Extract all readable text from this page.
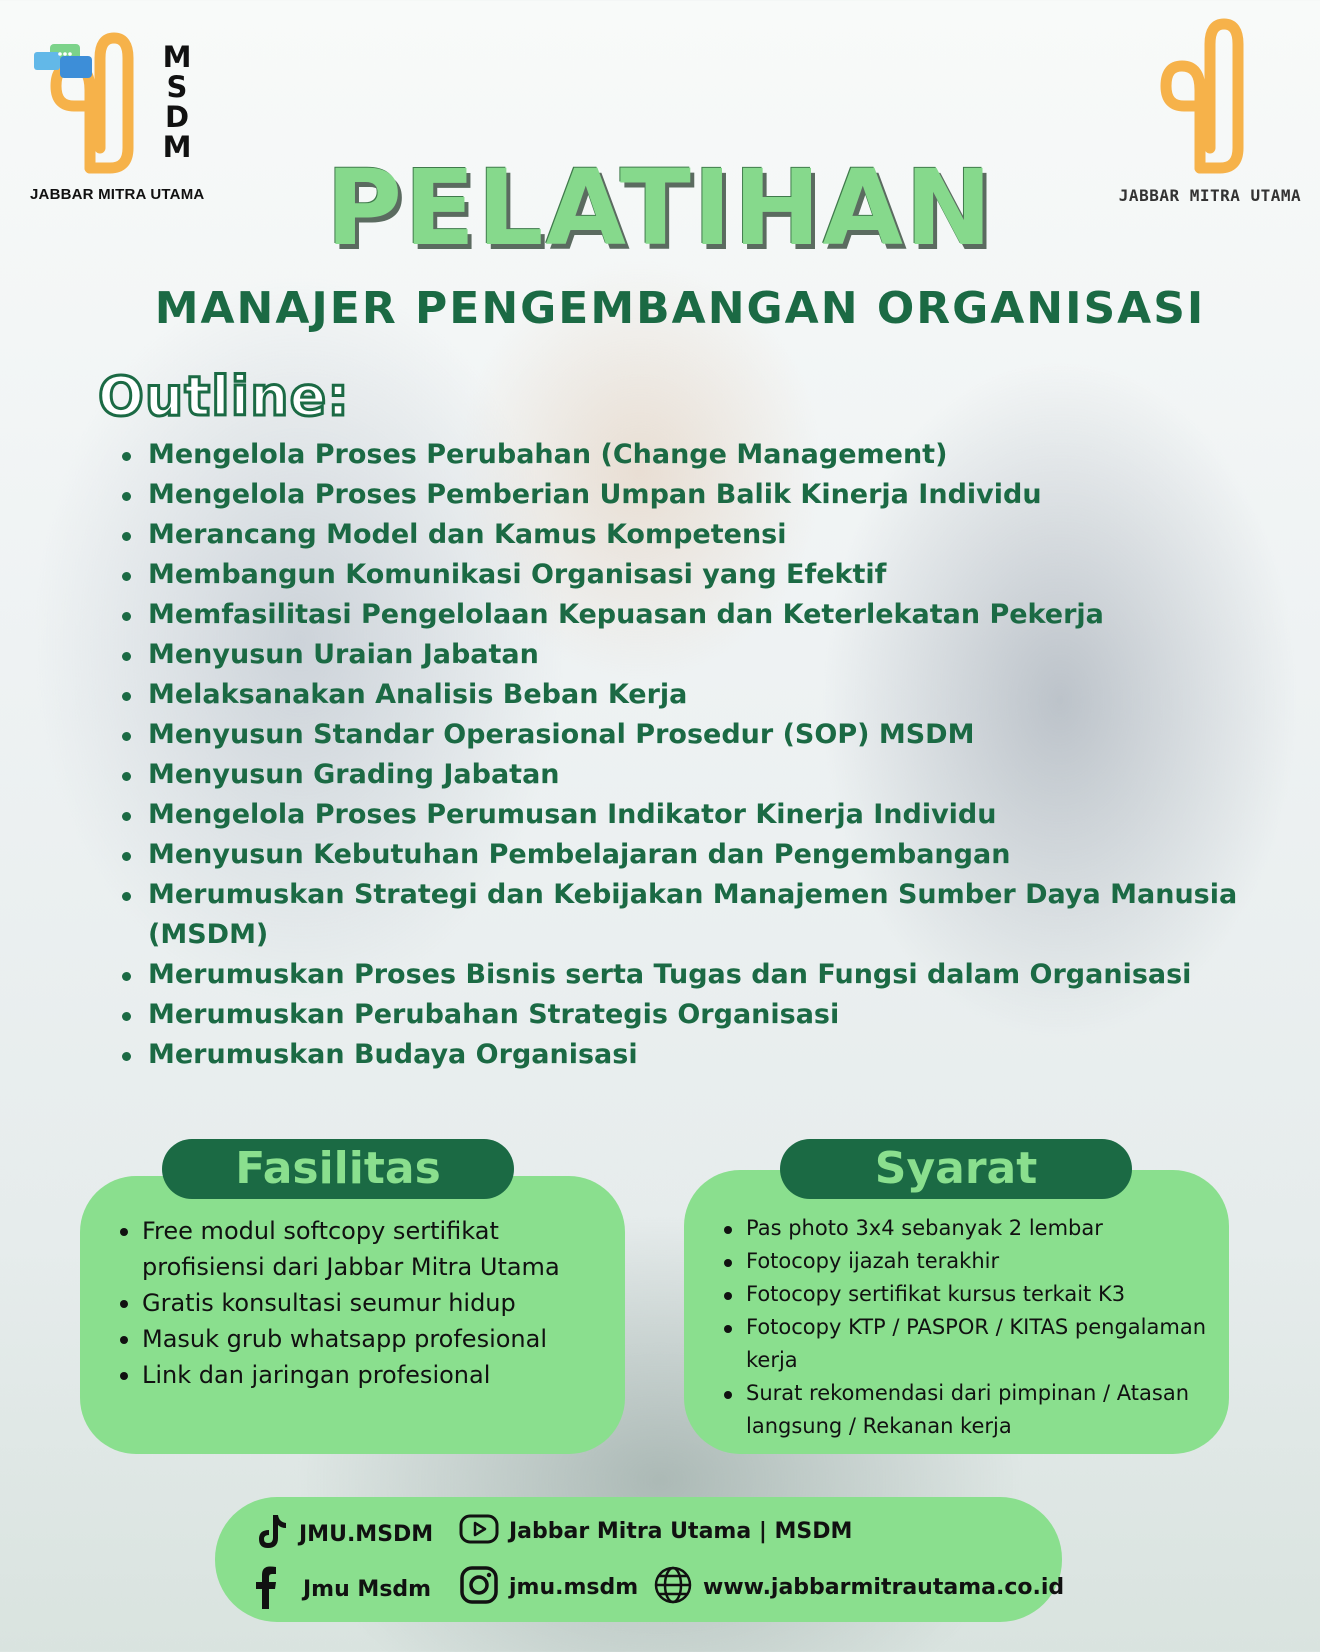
M
S
D
M
JABBAR MITRA UTAMA	JABBAR MITRA UTAMA
PELATIHAN
MANAJER PENGEMBANGAN ORGANISASI
Outline:
Mengelola Proses Perubahan (Change Management)
Mengelola Proses Pemberian Umpan Balik Kinerja Individu
Merancang Model dan Kamus Kompetensi
Membangun Komunikasi Organisasi yang Efektif
Memfasilitasi Pengelolaan Kepuasan dan Keterlekatan Pekerja
Menyusun Uraian Jabatan
Melaksanakan Analisis Beban Kerja
Menyusun Standar Operasional Prosedur (SOP) MSDM
Menyusun Grading Jabatan
Mengelola Proses Perumusan Indikator Kinerja Individu
Menyusun Kebutuhan Pembelajaran dan Pengembangan
Merumuskan Strategi dan Kebijakan Manajemen Sumber Daya Manusia (MSDM)
Merumuskan Proses Bisnis serta Tugas dan Fungsi dalam Organisasi
Merumuskan Perubahan Strategis Organisasi
Merumuskan Budaya Organisasi
Fasilitas
Free modul softcopy sertifikat profisiensi dari Jabbar Mitra Utama
Gratis konsultasi seumur hidup
Masuk grub whatsapp profesional
Link dan jaringan profesional
Syarat
Pas photo 3x4 sebanyak 2 lembar
Fotocopy ijazah terakhir
Fotocopy sertifikat kursus terkait K3
Fotocopy KTP / PASPOR / KITAS pengalaman kerja
Surat rekomendasi dari pimpinan / Atasan langsung / Rekanan kerja
JMU.MSDM	Jabbar Mitra Utama | MSDM
Jmu Msdm	jmu.msdm	www.jabbarmitrautama.co.id
